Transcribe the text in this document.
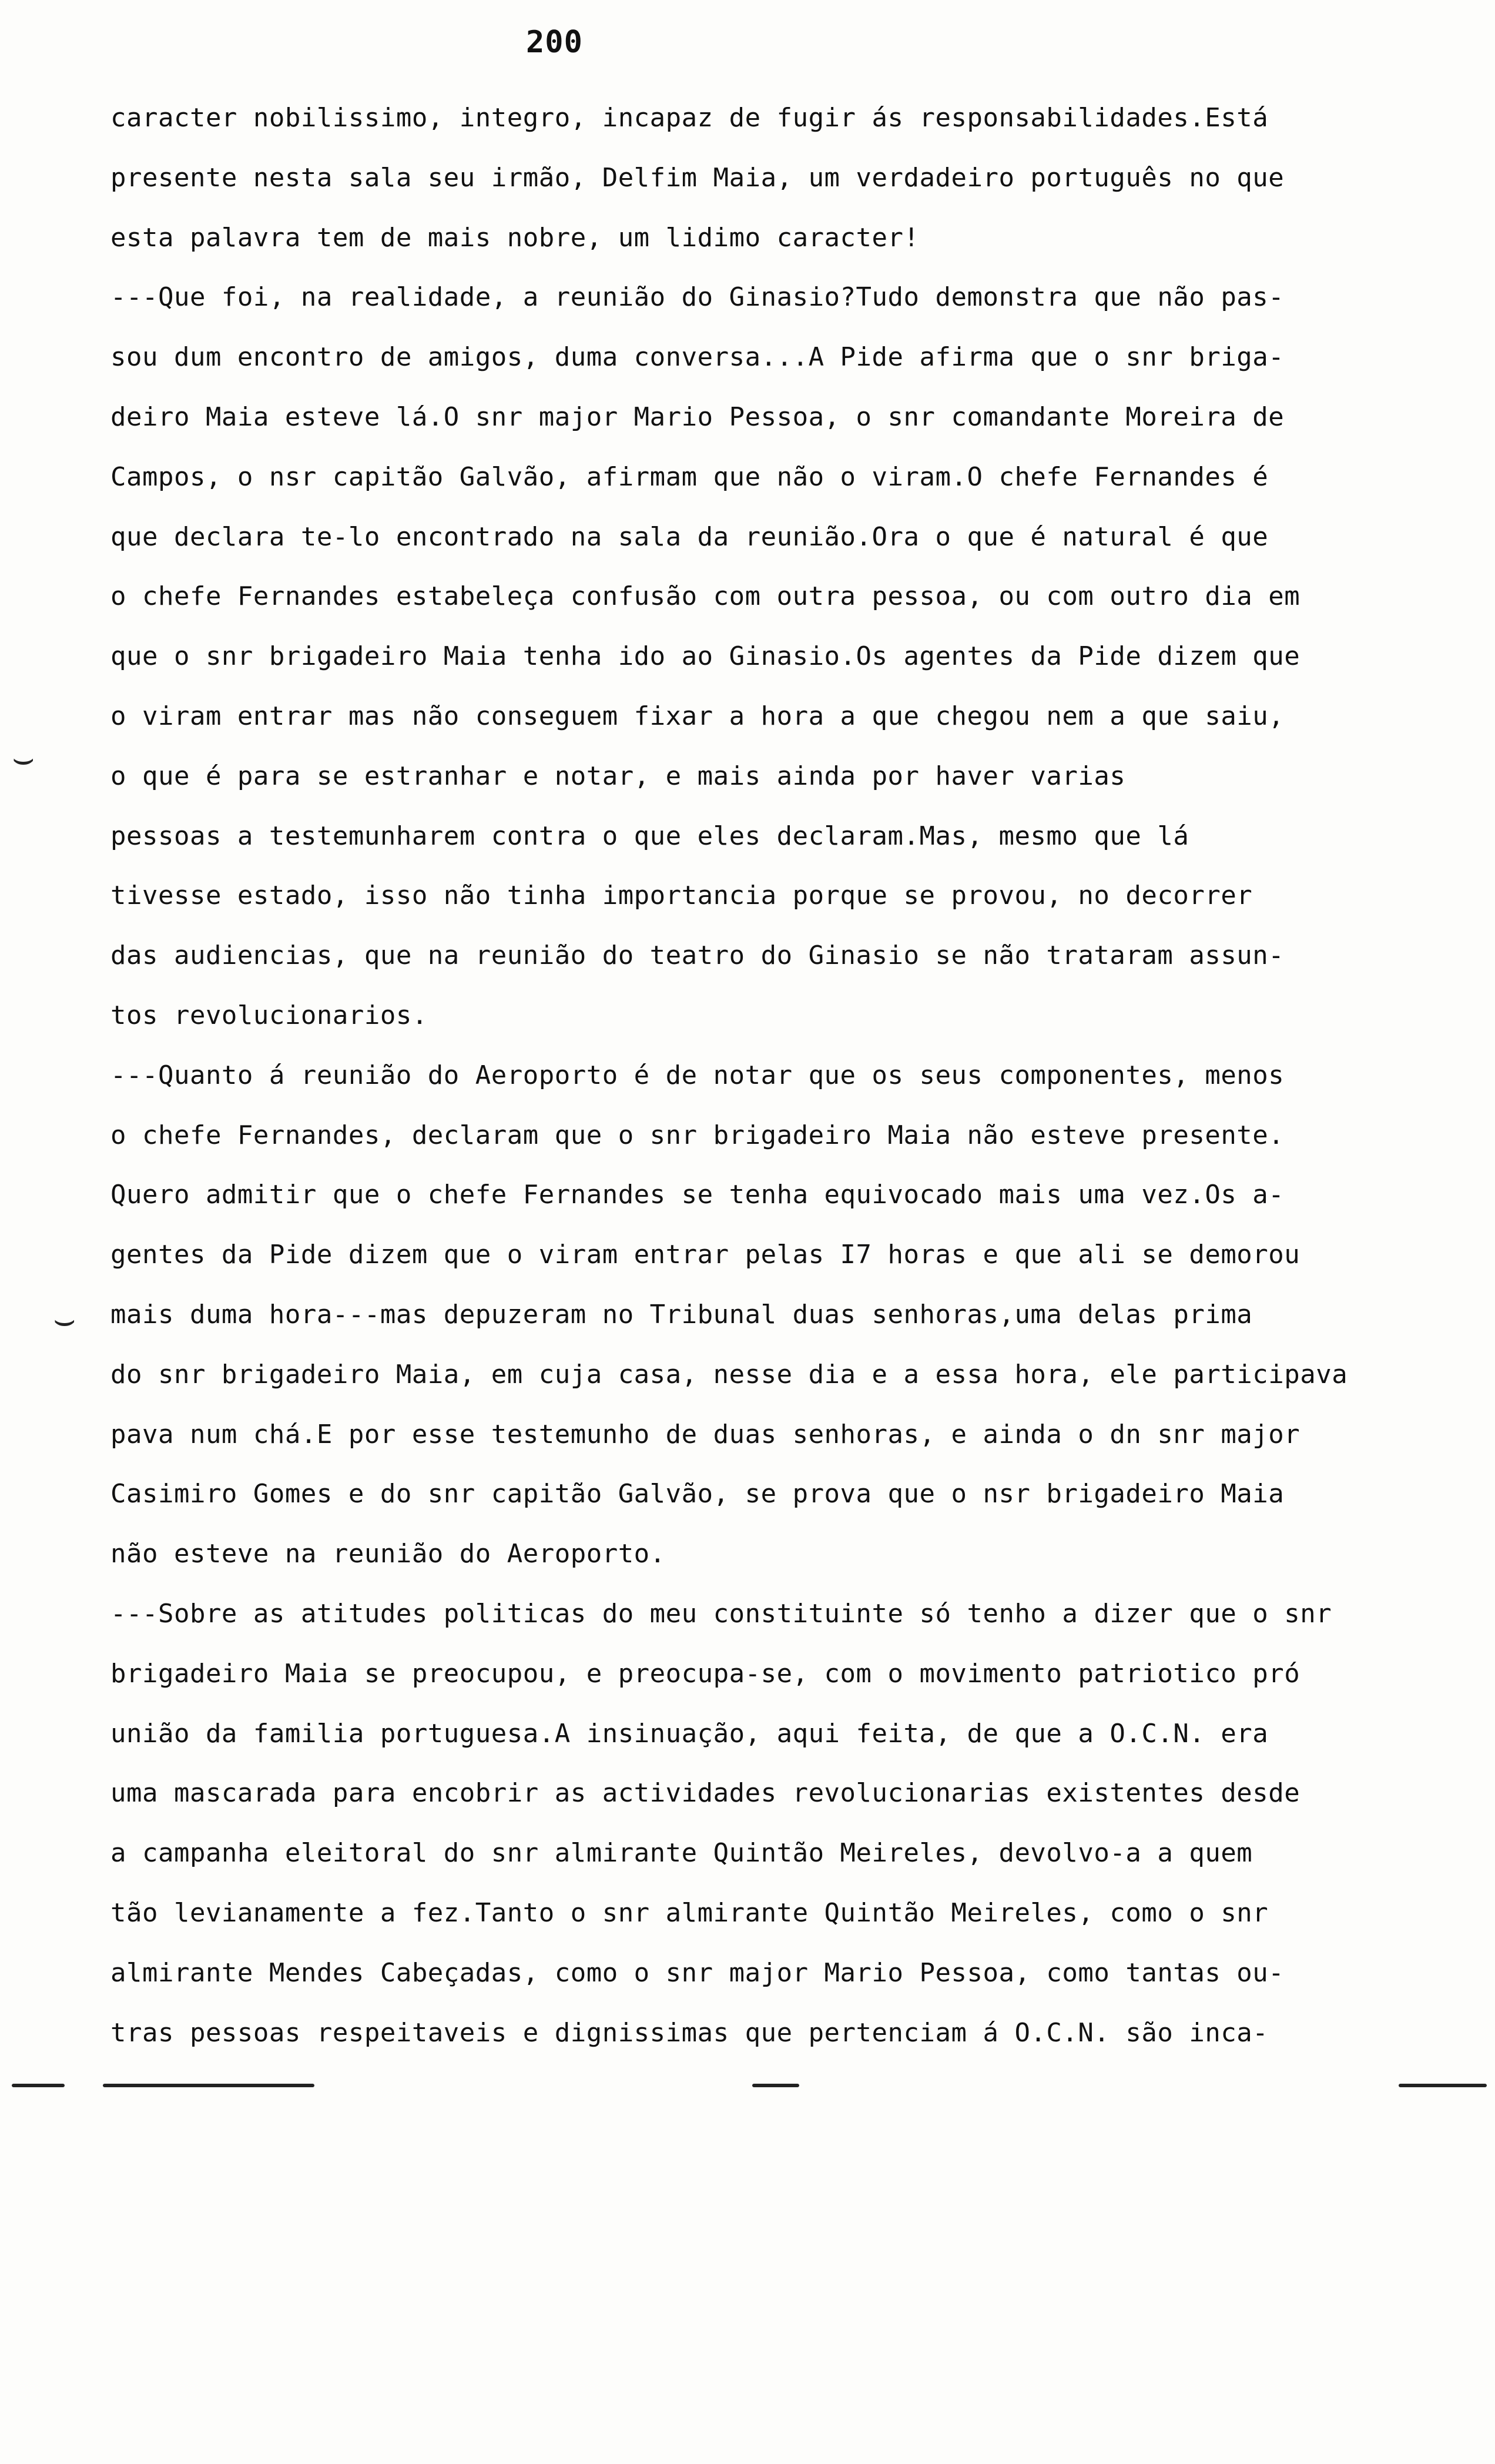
200
caracter nobilissimo, integro, incapaz de fugir ás responsabilidades.Está
presente nesta sala seu irmão, Delfim Maia, um verdadeiro português no que
esta palavra tem de mais nobre, um lidimo caracter!
---Que foi, na realidade, a reunião do Ginasio?Tudo demonstra que não pas-
sou dum encontro de amigos, duma conversa...A Pide afirma que o snr briga-
deiro Maia esteve lá.O snr major Mario Pessoa, o snr comandante Moreira de
Campos, o nsr capitão Galvão, afirmam que não o viram.O chefe Fernandes é
que declara te-lo encontrado na sala da reunião.Ora o que é natural é que
o chefe Fernandes estabeleça confusão com outra pessoa, ou com outro dia em
que o snr brigadeiro Maia tenha ido ao Ginasio.Os agentes da Pide dizem que
o viram entrar mas não conseguem fixar a hora a que chegou nem a que saiu,
o que é para se estranhar e notar, e mais ainda por haver varias
pessoas a testemunharem contra o que eles declaram.Mas, mesmo que lá
tivesse estado, isso não tinha importancia porque se provou, no decorrer
das audiencias, que na reunião do teatro do Ginasio se não trataram assun-
tos revolucionarios.
---Quanto á reunião do Aeroporto é de notar que os seus componentes, menos
o chefe Fernandes, declaram que o snr brigadeiro Maia não esteve presente.
Quero admitir que o chefe Fernandes se tenha equivocado mais uma vez.Os a-
gentes da Pide dizem que o viram entrar pelas I7 horas e que ali se demorou
mais duma hora---mas depuzeram no Tribunal duas senhoras,uma delas prima
do snr brigadeiro Maia, em cuja casa, nesse dia e a essa hora, ele participava
pava num chá.E por esse testemunho de duas senhoras, e ainda o dn snr major
Casimiro Gomes e do snr capitão Galvão, se prova que o nsr brigadeiro Maia
não esteve na reunião do Aeroporto.
---Sobre as atitudes politicas do meu constituinte só tenho a dizer que o snr
brigadeiro Maia se preocupou, e preocupa-se, com o movimento patriotico pró
união da familia portuguesa.A insinuação, aqui feita, de que a O.C.N. era
uma mascarada para encobrir as actividades revolucionarias existentes desde
a campanha eleitoral do snr almirante Quintão Meireles, devolvo-a a quem
tão levianamente a fez.Tanto o snr almirante Quintão Meireles, como o snr
almirante Mendes Cabeçadas, como o snr major Mario Pessoa, como tantas ou-
tras pessoas respeitaveis e dignissimas que pertenciam á O.C.N. são inca-
⌣
⌣
